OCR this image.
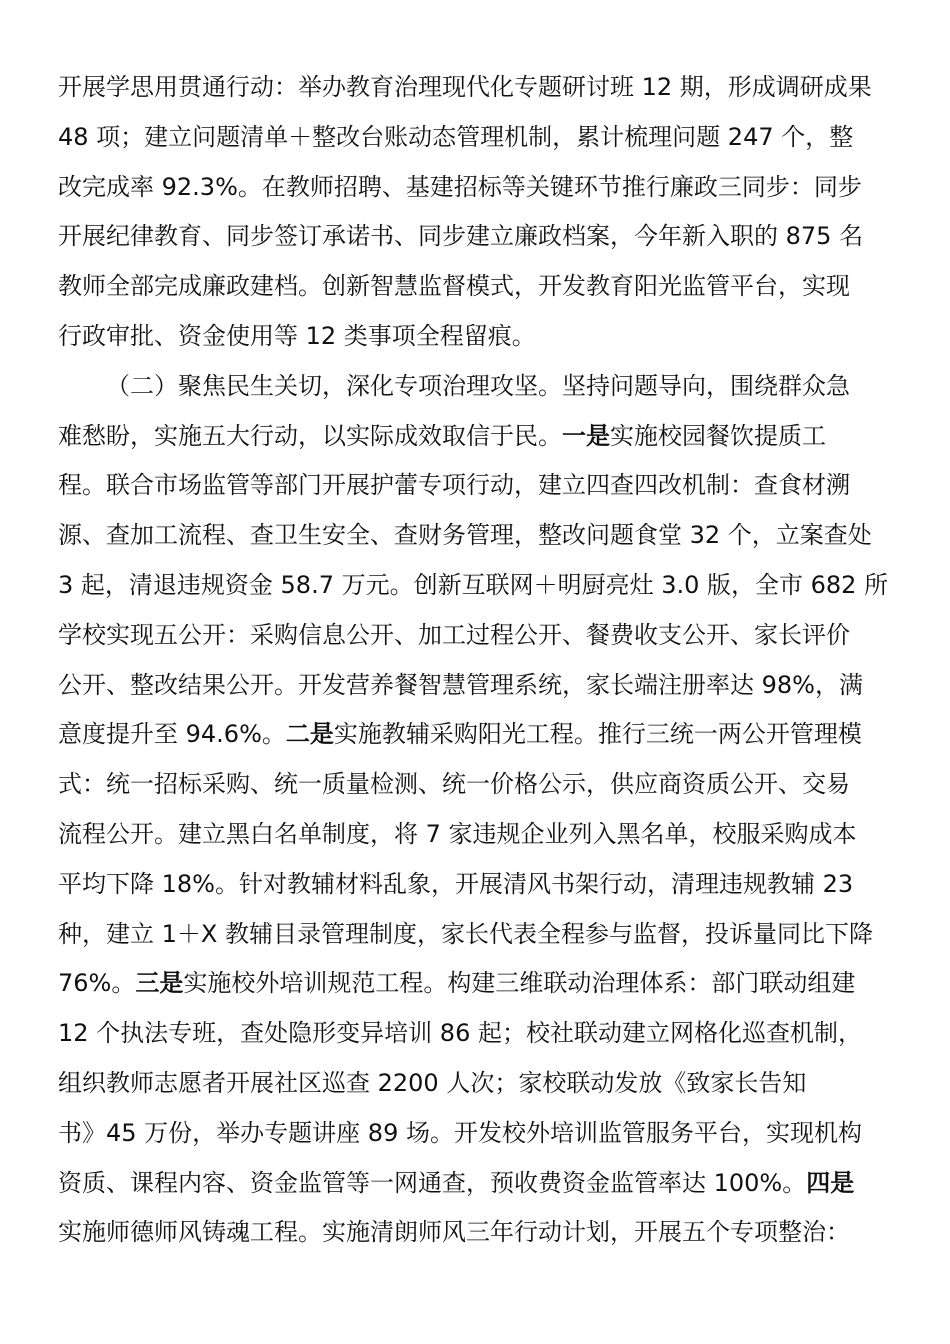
开展学思用贯通行动：举办教育治理现代化专题研讨班 12 期，形成调研成果
48 项；建立问题清单＋整改台账动态管理机制，累计梳理问题 247 个，整
改完成率 92.3%。在教师招聘、基建招标等关键环节推行廉政三同步：同步
开展纪律教育、同步签订承诺书、同步建立廉政档案，今年新入职的 875 名
教师全部完成廉政建档。创新智慧监督模式，开发教育阳光监管平台，实现
行政审批、资金使用等 12 类事项全程留痕。
（二）聚焦民生关切，深化专项治理攻坚。坚持问题导向，围绕群众急
难愁盼，实施五大行动，以实际成效取信于民。一是实施校园餐饮提质工
程。联合市场监管等部门开展护蕾专项行动，建立四查四改机制：查食材溯
源、查加工流程、查卫生安全、查财务管理，整改问题食堂 32 个，立案查处
3 起，清退违规资金 58.7 万元。创新互联网＋明厨亮灶 3.0 版，全市 682 所
学校实现五公开：采购信息公开、加工过程公开、餐费收支公开、家长评价
公开、整改结果公开。开发营养餐智慧管理系统，家长端注册率达 98%，满
意度提升至 94.6%。二是实施教辅采购阳光工程。推行三统一两公开管理模
式：统一招标采购、统一质量检测、统一价格公示，供应商资质公开、交易
流程公开。建立黑白名单制度，将 7 家违规企业列入黑名单，校服采购成本
平均下降 18%。针对教辅材料乱象，开展清风书架行动，清理违规教辅 23
种，建立 1＋X 教辅目录管理制度，家长代表全程参与监督，投诉量同比下降
76%。三是实施校外培训规范工程。构建三维联动治理体系：部门联动组建
12 个执法专班，查处隐形变异培训 86 起；校社联动建立网格化巡查机制，
组织教师志愿者开展社区巡查 2200 人次；家校联动发放《致家长告知
书》45 万份，举办专题讲座 89 场。开发校外培训监管服务平台，实现机构
资质、课程内容、资金监管等一网通查，预收费资金监管率达 100%。四是
实施师德师风铸魂工程。实施清朗师风三年行动计划，开展五个专项整治：
